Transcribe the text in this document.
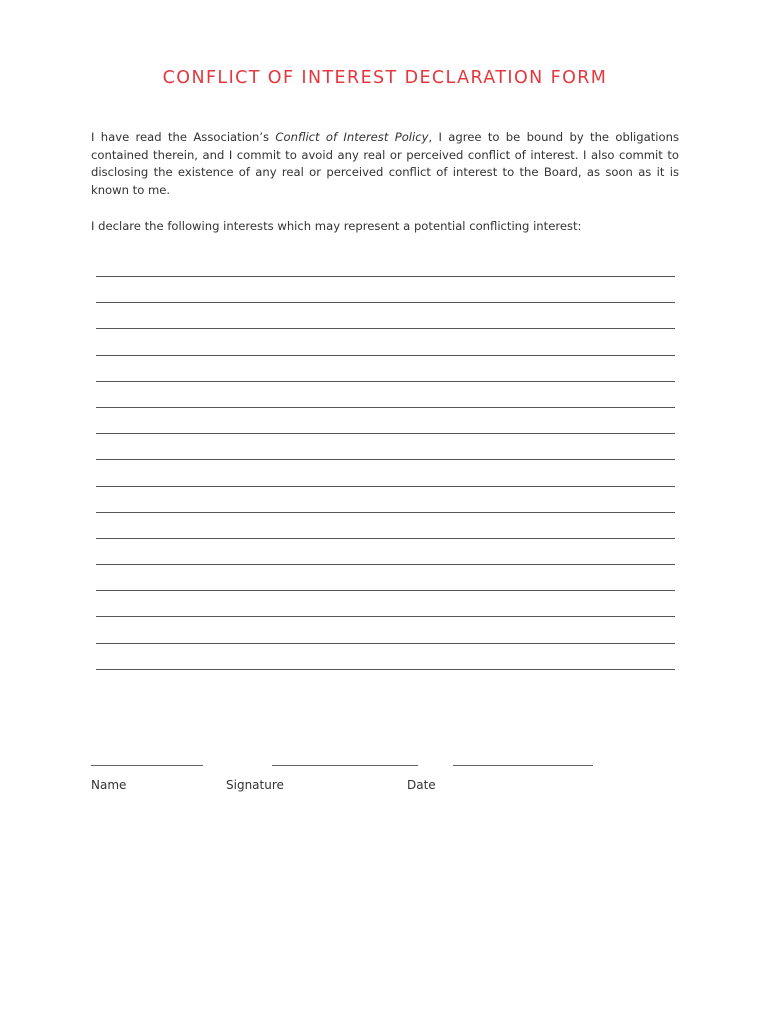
CONFLICT OF INTEREST DECLARATION FORM

I have read the Association’s Conflict of Interest Policy, I agree to be bound by the obligations contained therein, and I commit to avoid any real or perceived conflict of interest. I also commit to disclosing the existence of any real or perceived conflict of interest to the Board, as soon as it is known to me.

I declare the following interests which may represent a potential conflicting interest:

Name	Signature	Date
